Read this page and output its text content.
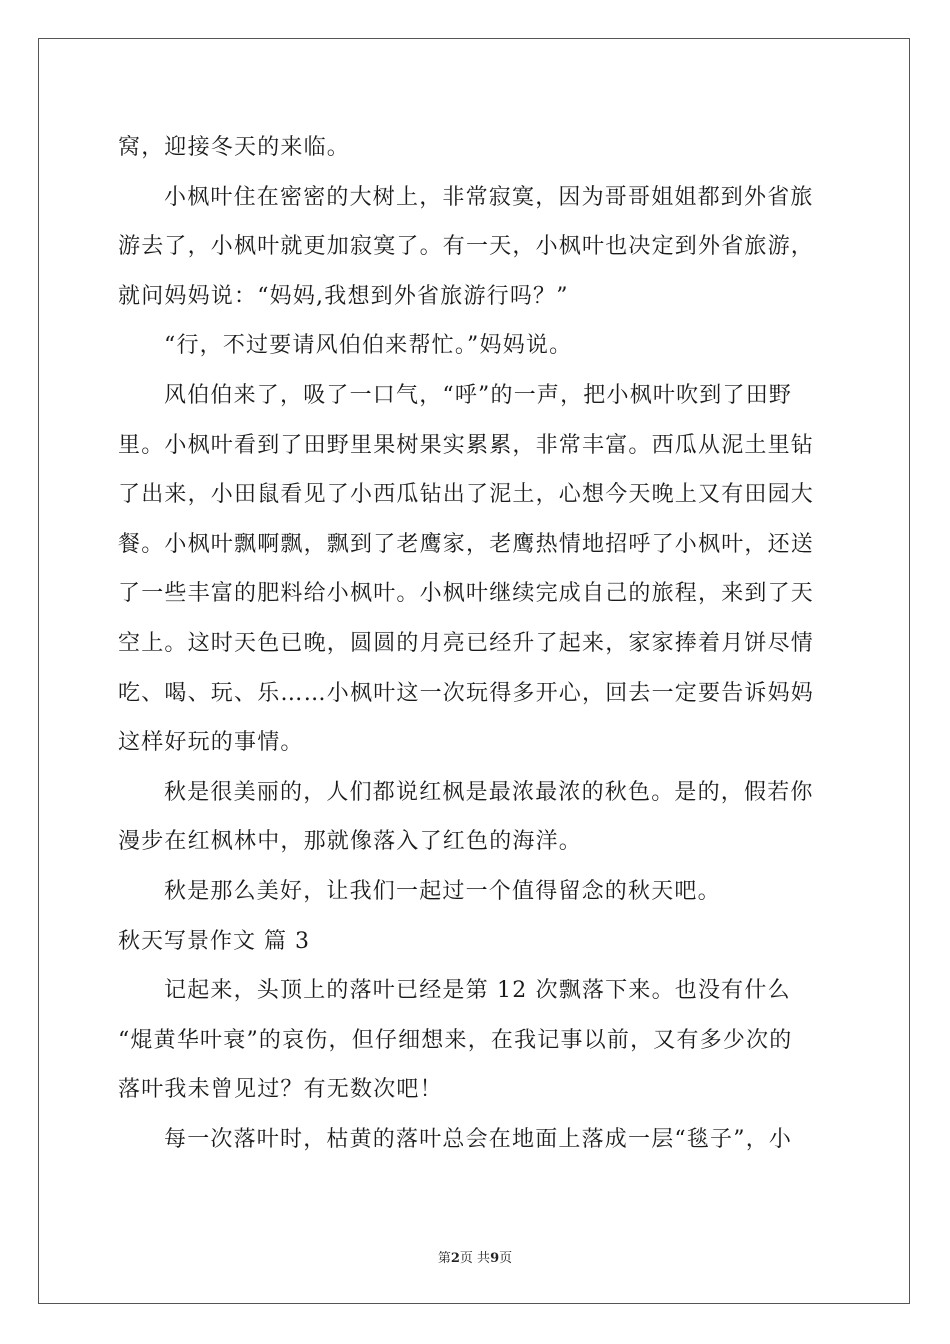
窝，迎接冬天的来临。
小枫叶住在密密的大树上，非常寂寞，因为哥哥姐姐都到外省旅
游去了，小枫叶就更加寂寞了。有一天，小枫叶也决定到外省旅游，
就问妈妈说：“妈妈,我想到外省旅游行吗？”
“行，不过要请风伯伯来帮忙。”妈妈说。
风伯伯来了，吸了一口气，“呼”的一声，把小枫叶吹到了田野
里。小枫叶看到了田野里果树果实累累，非常丰富。西瓜从泥土里钻
了出来，小田鼠看见了小西瓜钻出了泥土，心想今天晚上又有田园大
餐。小枫叶飘啊飘，飘到了老鹰家，老鹰热情地招呼了小枫叶，还送
了一些丰富的肥料给小枫叶。小枫叶继续完成自己的旅程，来到了天
空上。这时天色已晚，圆圆的月亮已经升了起来，家家捧着月饼尽情
吃、喝、玩、乐……小枫叶这一次玩得多开心，回去一定要告诉妈妈
这样好玩的事情。
秋是很美丽的，人们都说红枫是最浓最浓的秋色。是的，假若你
漫步在红枫林中，那就像落入了红色的海洋。
秋是那么美好，让我们一起过一个值得留念的秋天吧。
秋天写景作文 篇 3
记起来，头顶上的落叶已经是第 12 次飘落下来。也没有什么
“焜黄华叶衰”的哀伤，但仔细想来，在我记事以前，又有多少次的
落叶我未曾见过？有无数次吧！
每一次落叶时，枯黄的落叶总会在地面上落成一层“毯子”，小
第2页 共9页
